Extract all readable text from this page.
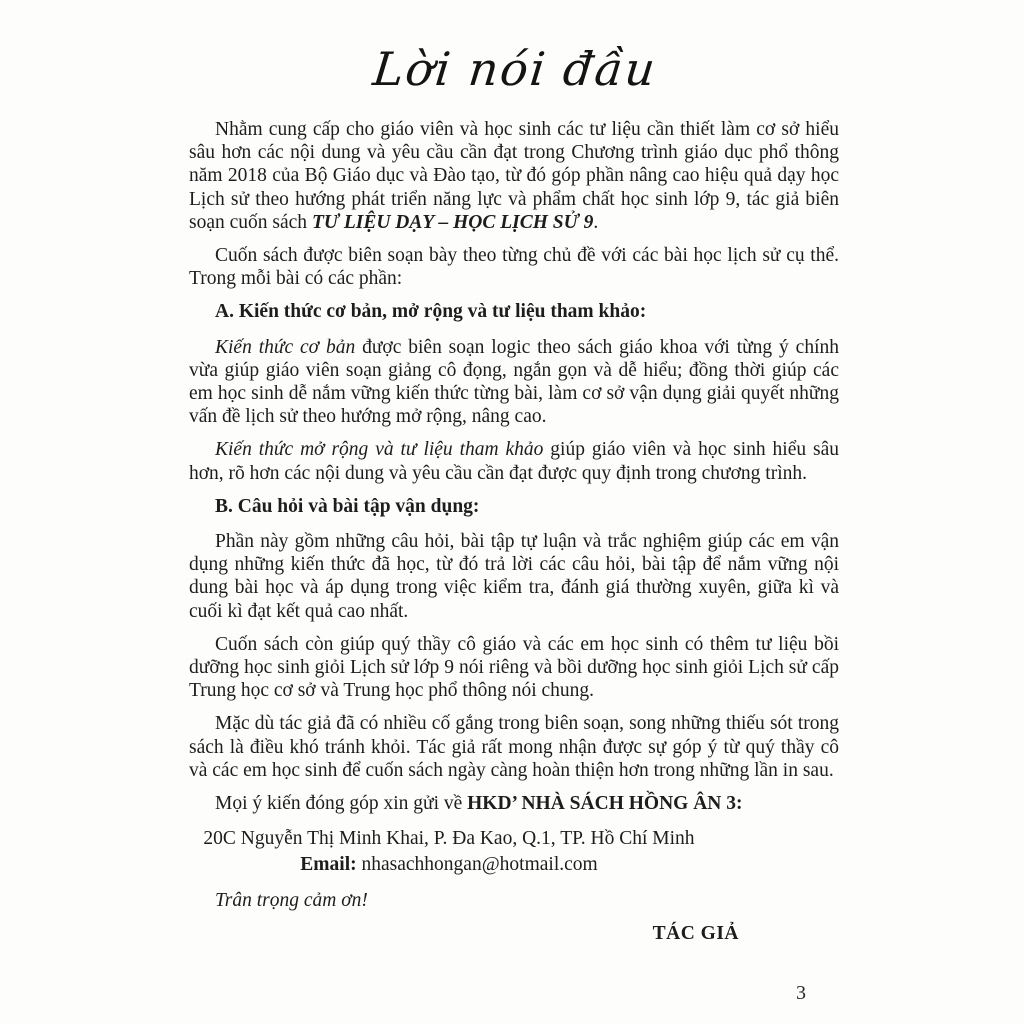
Lời nói đầu

Nhằm cung cấp cho giáo viên và học sinh các tư liệu cần thiết làm cơ sở hiểu sâu hơn các nội dung và yêu cầu cần đạt trong Chương trình giáo dục phổ thông năm 2018 của Bộ Giáo dục và Đào tạo, từ đó góp phần nâng cao hiệu quả dạy học Lịch sử theo hướng phát triển năng lực và phẩm chất học sinh lớp 9, tác giả biên soạn cuốn sách TƯ LIỆU DẠY – HỌC LỊCH SỬ 9.

Cuốn sách được biên soạn bày theo từng chủ đề với các bài học lịch sử cụ thể. Trong mỗi bài có các phần:

A. Kiến thức cơ bản, mở rộng và tư liệu tham khảo:

Kiến thức cơ bản được biên soạn logic theo sách giáo khoa với từng ý chính vừa giúp giáo viên soạn giảng cô đọng, ngắn gọn và dễ hiểu; đồng thời giúp các em học sinh dễ nắm vững kiến thức từng bài, làm cơ sở vận dụng giải quyết những vấn đề lịch sử theo hướng mở rộng, nâng cao.

Kiến thức mở rộng và tư liệu tham khảo giúp giáo viên và học sinh hiểu sâu hơn, rõ hơn các nội dung và yêu cầu cần đạt được quy định trong chương trình.

B. Câu hỏi và bài tập vận dụng:

Phần này gồm những câu hỏi, bài tập tự luận và trắc nghiệm giúp các em vận dụng những kiến thức đã học, từ đó trả lời các câu hỏi, bài tập để nắm vững nội dung bài học và áp dụng trong việc kiểm tra, đánh giá thường xuyên, giữa kì và cuối kì đạt kết quả cao nhất.

Cuốn sách còn giúp quý thầy cô giáo và các em học sinh có thêm tư liệu bồi dưỡng học sinh giỏi Lịch sử lớp 9 nói riêng và bồi dưỡng học sinh giỏi Lịch sử cấp Trung học cơ sở và Trung học phổ thông nói chung.

Mặc dù tác giả đã có nhiều cố gắng trong biên soạn, song những thiếu sót trong sách là điều khó tránh khỏi. Tác giả rất mong nhận được sự góp ý từ quý thầy cô và các em học sinh để cuốn sách ngày càng hoàn thiện hơn trong những lần in sau.

Mọi ý kiến đóng góp xin gửi về HKD’ NHÀ SÁCH HỒNG ÂN 3:

20C Nguyễn Thị Minh Khai, P. Đa Kao, Q.1, TP. Hồ Chí Minh
Email: nhasachhongan@hotmail.com

Trân trọng cảm ơn!

TÁC GIẢ
3
